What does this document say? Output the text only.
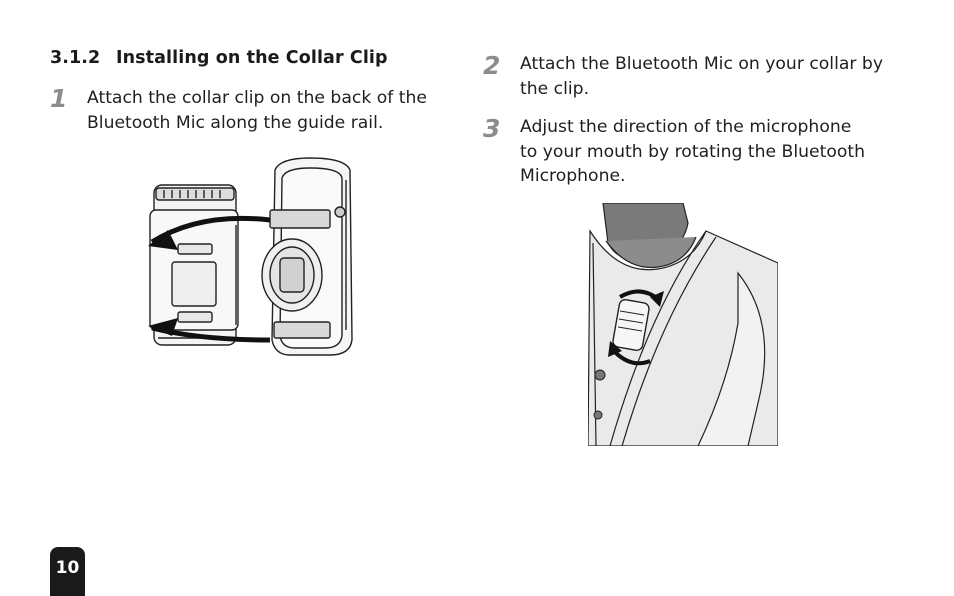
3.1.2 Installing on the Collar Clip
1 Attach the collar clip on the back of the
Bluetooth Mic along the guide rail.
2 Attach the Bluetooth Mic on your collar by
the clip.
3 Adjust the direction of the microphone
to your mouth by rotating the Bluetooth
Microphone.
10
